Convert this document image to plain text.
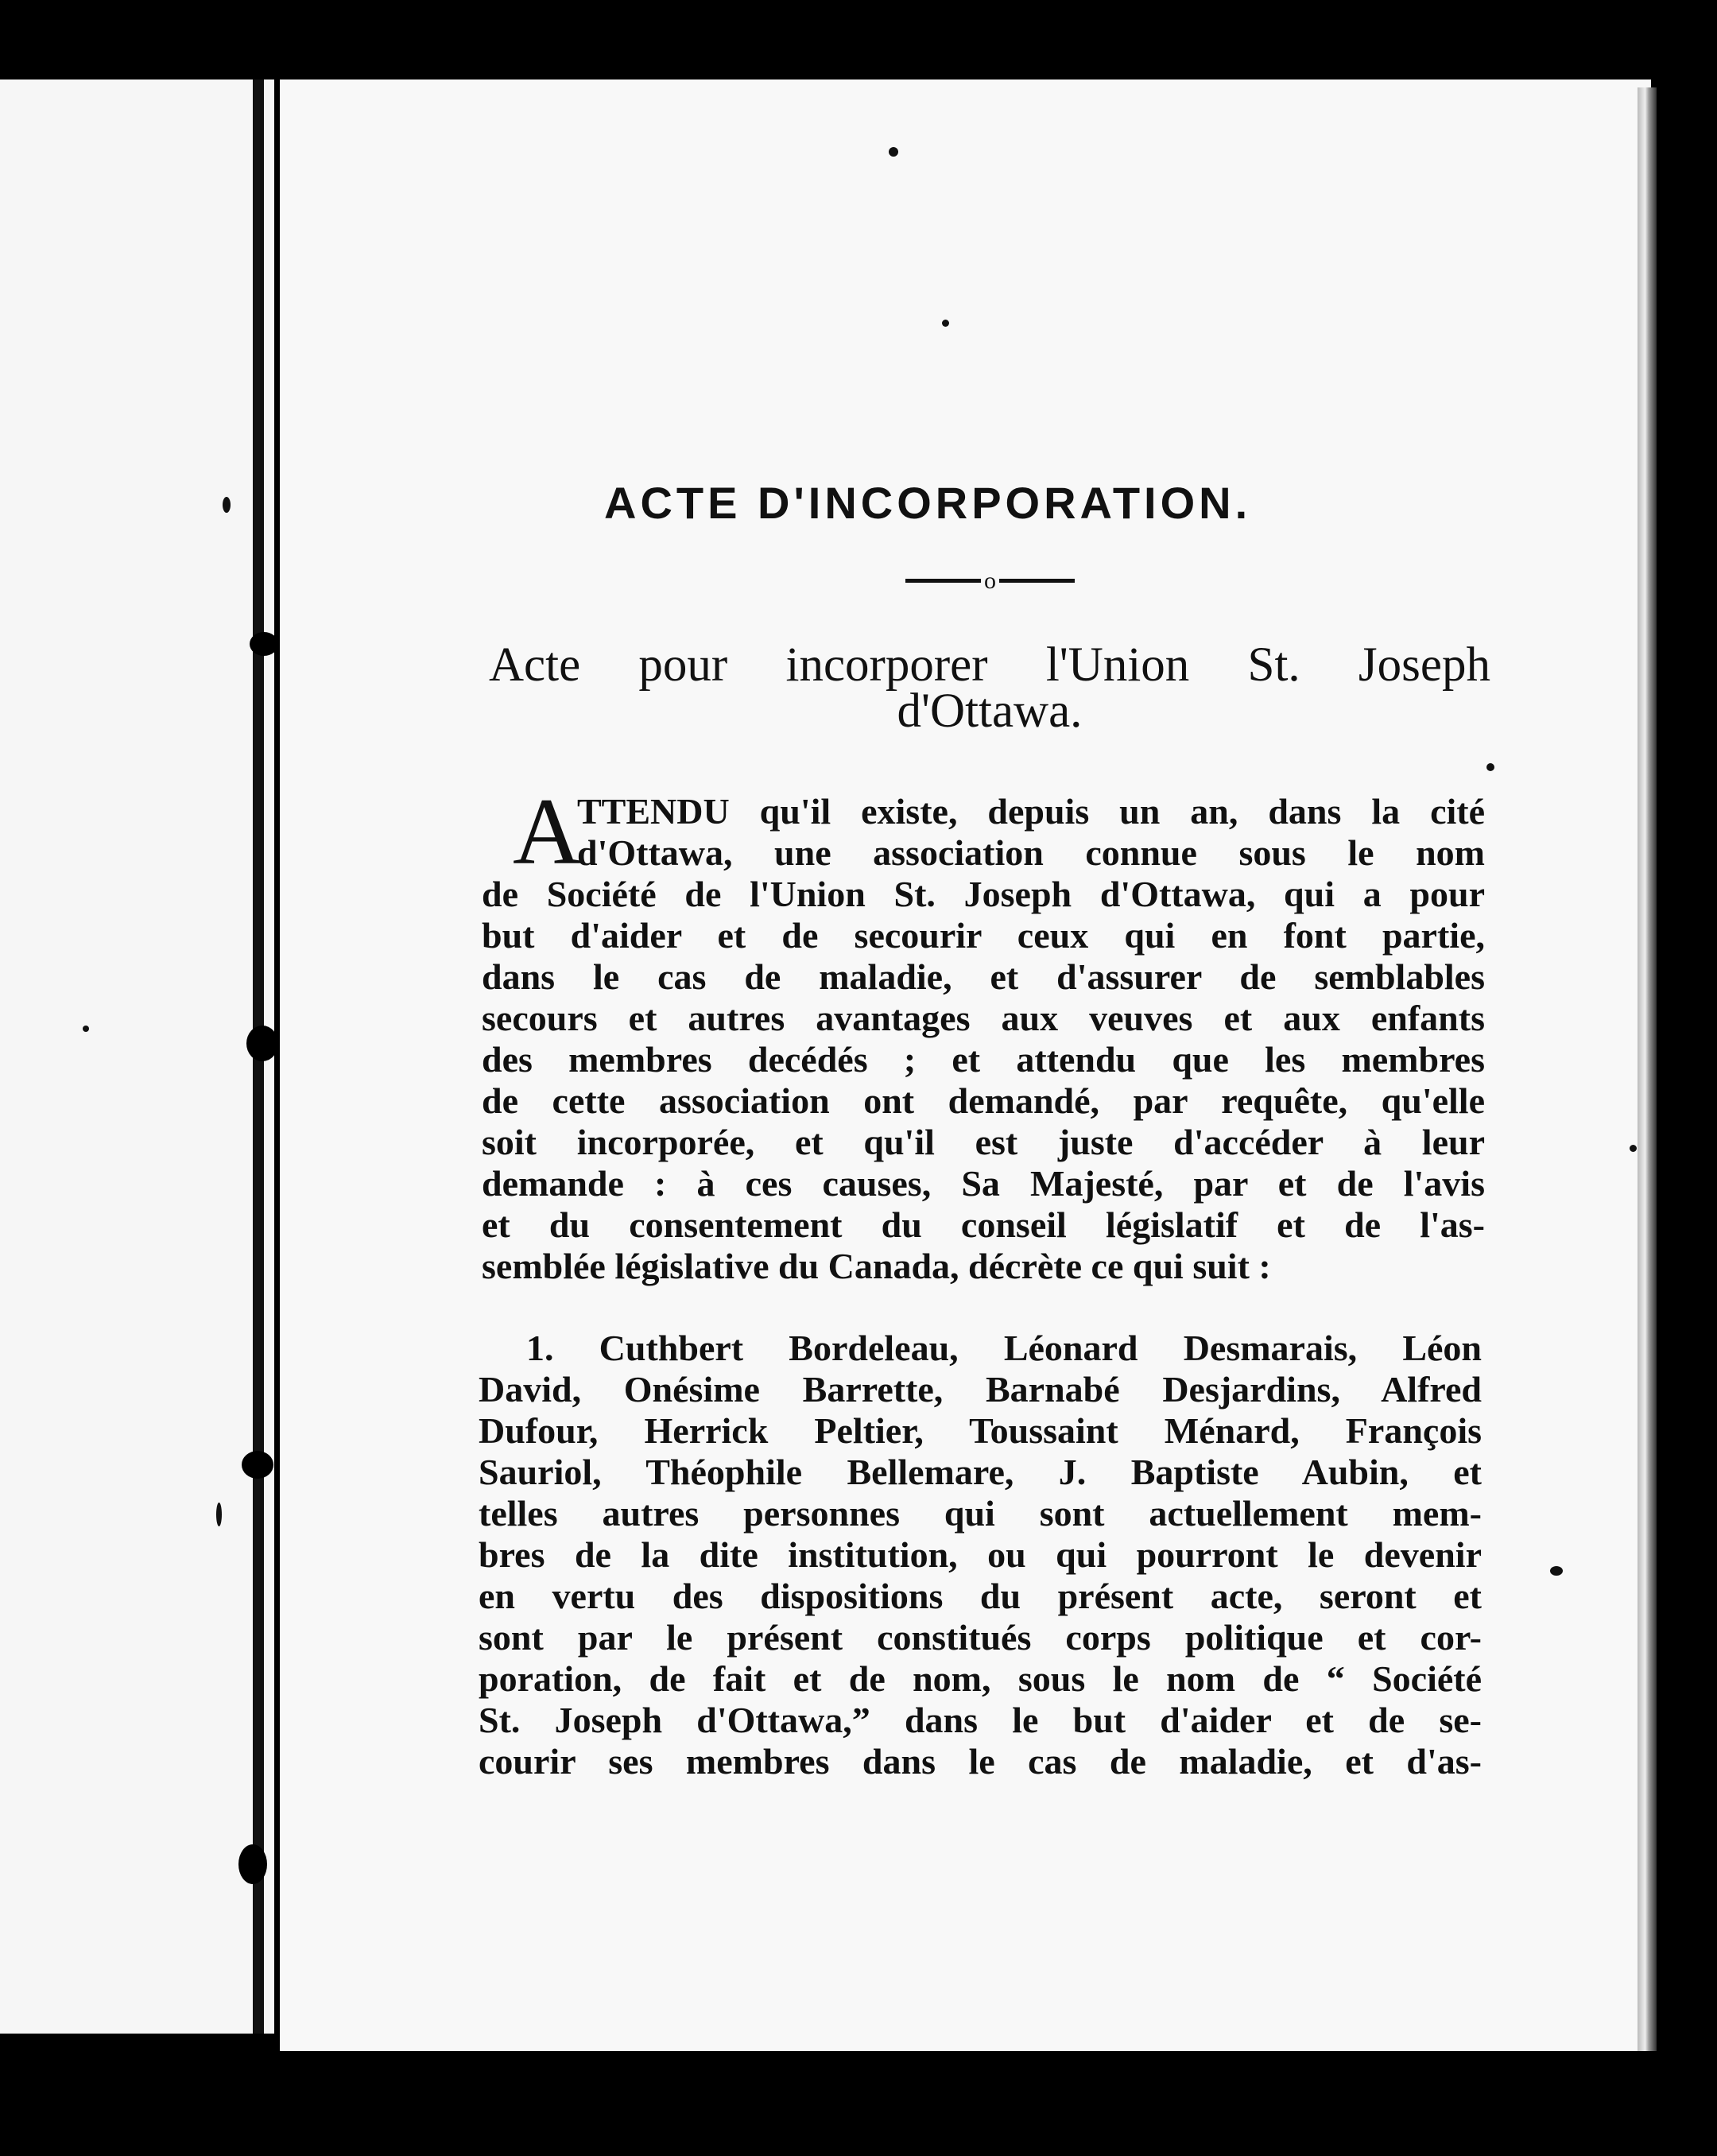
ACTE D'INCORPORATION.
o
Acte pour incorporer l'Union St. Joseph
d'Ottawa.
A
TTENDU qu'il existe, depuis un an, dans la cité
d'Ottawa, une association connue sous le nom
de Société de l'Union St. Joseph d'Ottawa, qui a pour
but d'aider et de secourir ceux qui en font partie,
dans le cas de maladie, et d'assurer de semblables
secours et autres avantages aux veuves et aux enfants
des membres decédés ; et attendu que les membres
de cette association ont demandé, par requête, qu'elle
soit incorporée, et qu'il est juste d'accéder à leur
demande : à ces causes, Sa Majesté, par et de l'avis
et du consentement du conseil législatif et de l'as-
semblée législative du Canada, décrète ce qui suit :
1. Cuthbert Bordeleau, Léonard Desmarais, Léon
David, Onésime Barrette, Barnabé Desjardins, Alfred
Dufour, Herrick Peltier, Toussaint Ménard, François
Sauriol, Théophile Bellemare, J. Baptiste Aubin, et
telles autres personnes qui sont actuellement mem-
bres de la dite institution, ou qui pourront le devenir
en vertu des dispositions du présent acte, seront et
sont par le présent constitués corps politique et cor-
poration, de fait et de nom, sous le nom de “ Société
St. Joseph d'Ottawa,” dans le but d'aider et de se-
courir ses membres dans le cas de maladie, et d'as-
